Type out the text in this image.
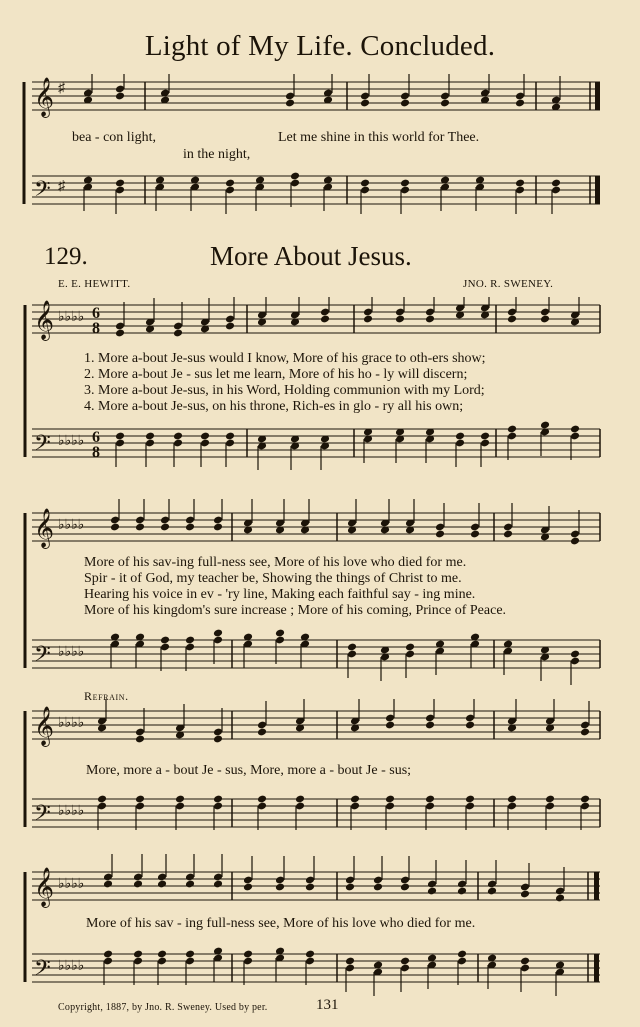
Light of My Life. Concluded.
𝄞
𝄢
♯
♯
bea - con light,	Let me shine in this world for Thee.
in the night,
129.	More About Jesus.
E. E. HEWITT.	JNO. R. SWENEY.
𝄞
𝄢
♭♭♭♭
♭♭♭♭
6
8
6
8
1. More a-bout Je-sus would I know, More of his grace to oth-ers show;
2. More a-bout Je - sus let me learn, More of his ho - ly will discern;
3. More a-bout Je-sus, in his Word, Holding communion with my Lord;
4. More a-bout Je-sus, on his throne, Rich-es in glo - ry all his own;
𝄞
𝄢
♭♭♭♭
♭♭♭♭
More of his sav-ing full-ness see, More of his love who died for me.
Spir - it of God, my teacher be, Showing the things of Christ to me.
Hearing his voice in ev - 'ry line, Making each faithful say - ing mine.
More of his kingdom's sure increase ; More of his coming, Prince of Peace.
Refrain.
𝄞
𝄢
♭♭♭♭
♭♭♭♭
More, more a - bout Je - sus, More, more a - bout Je - sus;
𝄞
𝄢
♭♭♭♭
♭♭♭♭
More of his sav - ing full-ness see, More of his love who died for me.
Copyright, 1887, by Jno. R. Sweney. Used by per.	131
